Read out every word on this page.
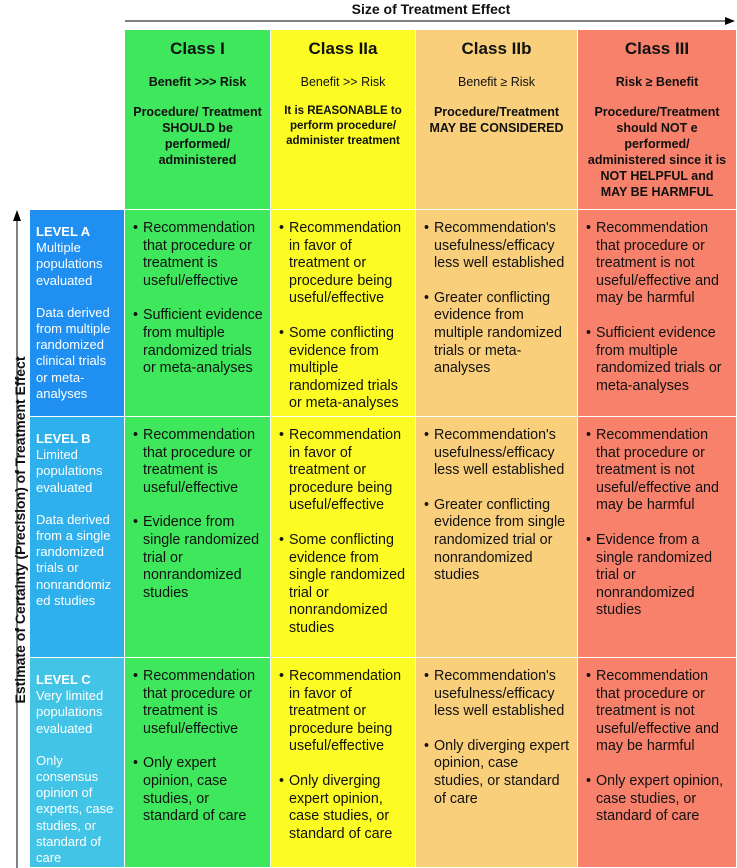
Size of Treatment Effect
Estimate of Certainty (Precision) of Treatment Effect
Class I
Benefit >>> Risk
Procedure/ Treatment SHOULD be performed/ administered
Class IIa
Benefit >> Risk
It is REASONABLE to perform procedure/ administer treatment
Class IIb
Benefit ≥ Risk
Procedure/Treatment MAY BE CONSIDERED
Class III
Risk ≥ Benefit
Procedure/Treatment should NOT e performed/ administered since it is NOT HELPFUL and MAY BE HARMFUL
LEVEL A
Multiple populations evaluated
Data derived from multiple randomized clinical trials or meta-analyses
• Recommendation that procedure or treatment is useful/effective
• Sufficient evidence from multiple randomized trials or meta-analyses
• Recommendation in favor of treatment or procedure being useful/effective
• Some conflicting evidence from multiple randomized trials or meta-analyses
• Recommendation's usefulness/efficacy less well established
• Greater conflicting evidence from multiple randomized trials or meta-analyses
• Recommendation that procedure or treatment is not useful/effective and may be harmful
• Sufficient evidence from multiple randomized trials or meta-analyses
LEVEL B
Limited populations evaluated
Data derived from a single randomized trials or nonrandomiz ed studies
• Recommendation that procedure or treatment is useful/effective
• Evidence from single randomized trial or nonrandomized studies
• Recommendation in favor of treatment or procedure being useful/effective
• Some conflicting evidence from single randomized trial or nonrandomized studies
• Recommendation's usefulness/efficacy less well established
• Greater conflicting evidence from single randomized trial or nonrandomized studies
• Recommendation that procedure or treatment is not useful/effective and may be harmful
• Evidence from a single randomized trial or nonrandomized studies
LEVEL C
Very limited populations evaluated
Only consensus opinion of experts, case studies, or standard of care
• Recommendation that procedure or treatment is useful/effective
• Only expert opinion, case studies, or standard of care
• Recommendation in favor of treatment or procedure being useful/effective
• Only diverging expert opinion, case studies, or standard of care
• Recommendation's usefulness/efficacy less well established
• Only diverging expert opinion, case studies, or standard of care
• Recommendation that procedure or treatment is not useful/effective and may be harmful
• Only expert opinion, case studies, or standard of care
